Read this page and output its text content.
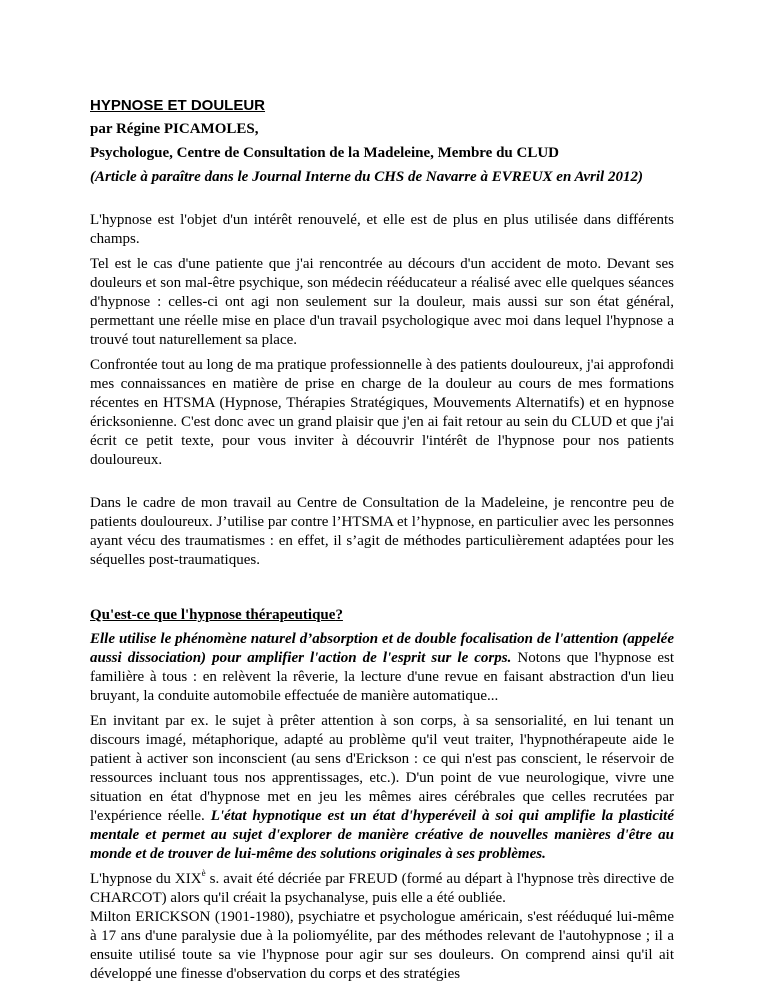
HYPNOSE ET DOULEUR
par Régine PICAMOLES,
Psychologue, Centre de Consultation de la Madeleine, Membre du CLUD
(Article à paraître dans le Journal Interne du CHS de Navarre à EVREUX en Avril 2012)

L'hypnose est l'objet d'un intérêt renouvelé, et elle est de plus en plus utilisée dans différents champs.

Tel est le cas d'une patiente que j'ai rencontrée au décours d'un accident de moto. Devant ses douleurs et son mal-être psychique, son médecin rééducateur a réalisé avec elle quelques séances d'hypnose : celles-ci ont agi non seulement sur la douleur, mais aussi sur son état général, permettant une réelle mise en place d'un travail psychologique avec moi dans lequel l'hypnose a trouvé tout naturellement sa place.

Confrontée tout au long de ma pratique professionnelle à des patients douloureux, j'ai approfondi mes connaissances en matière de prise en charge de la douleur au cours de mes formations récentes en HTSMA (Hypnose, Thérapies Stratégiques, Mouvements Alternatifs) et en hypnose éricksonienne. C'est donc avec un grand plaisir que j'en ai fait retour au sein du CLUD et que j'ai écrit ce petit texte, pour vous inviter à découvrir l'intérêt de l'hypnose pour nos patients douloureux.

Dans le cadre de mon travail au Centre de Consultation de la Madeleine, je rencontre peu de patients douloureux. J’utilise par contre l’HTSMA et l’hypnose, en particulier avec les personnes ayant vécu des traumatismes : en effet, il s’agit de méthodes particulièrement adaptées pour les séquelles post-traumatiques.

Qu'est-ce que l'hypnose thérapeutique?

Elle utilise le phénomène naturel d’absorption et de double focalisation de l'attention (appelée aussi dissociation) pour amplifier l'action de l'esprit sur le corps. Notons que l'hypnose est familière à tous : en relèvent la rêverie, la lecture d'une revue en faisant abstraction d'un lieu bruyant, la conduite automobile effectuée de manière automatique...

En invitant par ex. le sujet à prêter attention à son corps, à sa sensorialité, en lui tenant un discours imagé, métaphorique, adapté au problème qu'il veut traiter, l'hypnothérapeute aide le patient à activer son inconscient (au sens d'Erickson : ce qui n'est pas conscient, le réservoir de ressources incluant tous nos apprentissages, etc.). D'un point de vue neurologique, vivre une situation en état d'hypnose met en jeu les mêmes aires cérébrales que celles recrutées par l'expérience réelle. L'état hypnotique est un état d'hyperéveil à soi qui amplifie la plasticité mentale et permet au sujet d'explorer de manière créative de nouvelles manières d'être au monde et de trouver de lui-même des solutions originales à ses problèmes.

L'hypnose du $XIX^è$ s. avait été décriée par FREUD (formé au départ à l'hypnose très directive de CHARCOT) alors qu'il créait la psychanalyse, puis elle a été oubliée.

Milton ERICKSON (1901-1980), psychiatre et psychologue américain, s'est rééduqué lui-même à 17 ans d'une paralysie due à la poliomyélite, par des méthodes relevant de l'autohypnose ; il a ensuite utilisé toute sa vie l'hypnose pour agir sur ses douleurs. On comprend ainsi qu'il ait développé une finesse d'observation du corps et des stratégies
